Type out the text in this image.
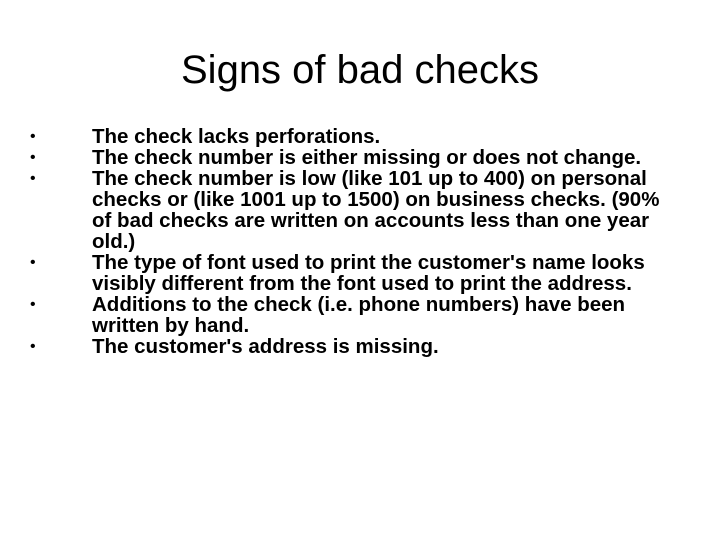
Signs of bad checks
•	The check lacks perforations.
•	The check number is either missing or does not change.
•	The check number is low (like 101 up to 400) on personal checks or (like 1001 up to 1500) on business checks. (90% of bad checks are written on accounts less than one year old.)
•	The type of font used to print the customer's name looks visibly different from the font used to print the address.
•	Additions to the check (i.e. phone numbers) have been written by hand.
•	The customer's address is missing.
